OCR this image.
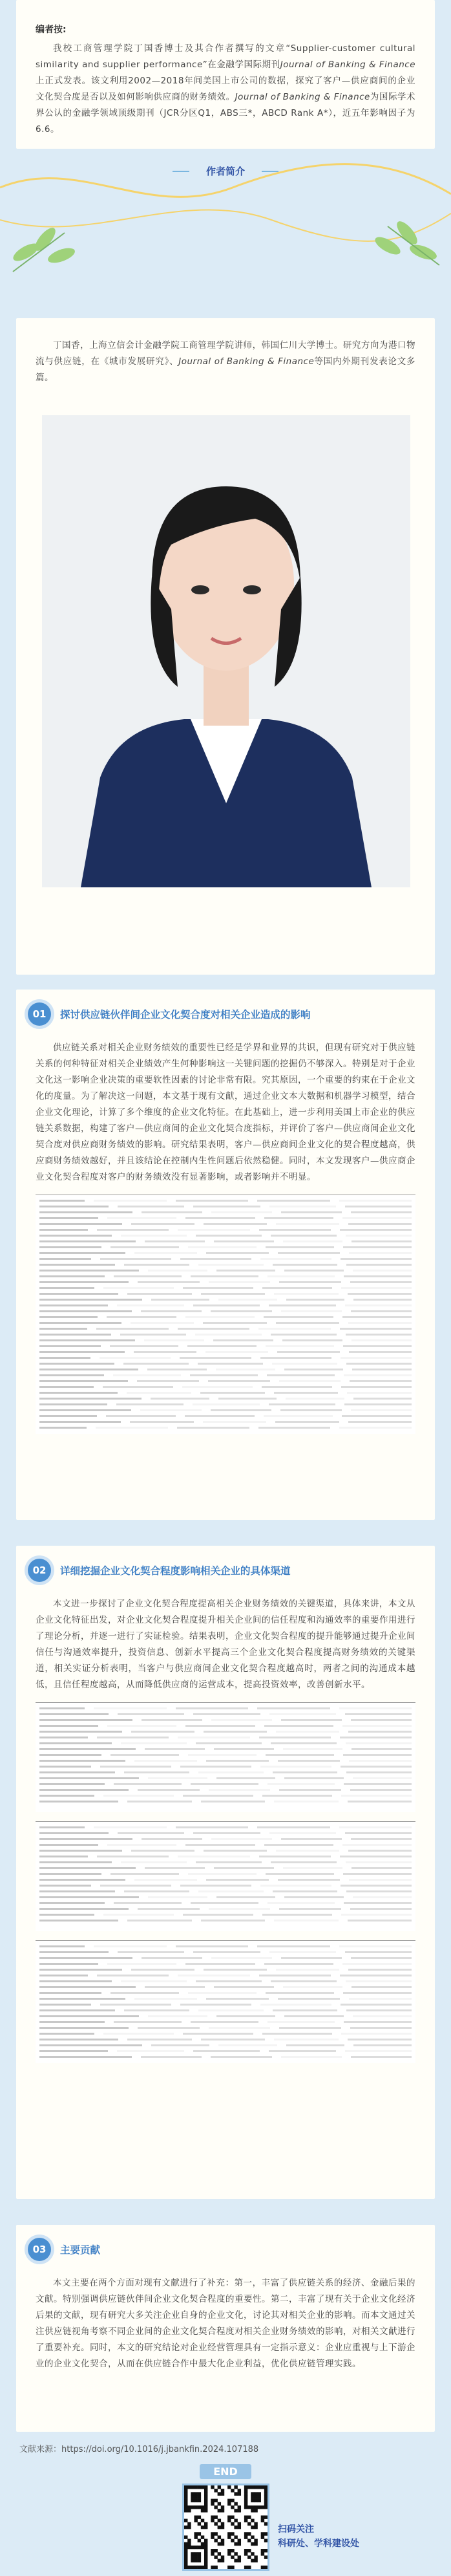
编者按:

我校工商管理学院丁国香博士及其合作者撰写的文章“Supplier-customer cultural similarity and supplier performance”在金融学国际期刊Journal of Banking & Finance上正式发表。该文利用2002—2018年间美国上市公司的数据，探究了客户—供应商间的企业文化契合度是否以及如何影响供应商的财务绩效。Journal of Banking & Finance为国际学术界公认的金融学领域顶级期刊（JCR分区Q1，ABS三*，ABCD Rank A*），近五年影响因子为6.6。

作者简介

丁国香，上海立信会计金融学院工商管理学院讲师，韩国仁川大学博士。研究方向为港口物流与供应链，在《城市发展研究》、Journal of Banking & Finance等国内外期刊发表论文多篇。

01	探讨供应链伙伴间企业文化契合度对相关企业造成的影响

供应链关系对相关企业财务绩效的重要性已经是学界和业界的共识，但现有研究对于供应链关系的何种特征对相关企业绩效产生何种影响这一关键问题的挖掘仍不够深入。特别是对于企业文化这一影响企业决策的重要软性因素的讨论非常有限。究其原因，一个重要的约束在于企业文化的度量。为了解决这一问题，本文基于现有文献，通过企业文本大数据和机器学习模型，结合企业文化理论，计算了多个维度的企业文化特征。在此基础上，进一步利用美国上市企业的供应链关系数据，构建了客户—供应商间的企业文化契合度指标，并评价了客户—供应商间企业文化契合度对供应商财务绩效的影响。研究结果表明，客户—供应商间企业文化的契合程度越高，供应商财务绩效越好，并且该结论在控制内生性问题后依然稳健。同时，本文发现客户—供应商企业文化契合程度对客户的财务绩效没有显著影响，或者影响并不明显。

02	详细挖掘企业文化契合程度影响相关企业的具体渠道

本文进一步探讨了企业文化契合程度提高相关企业财务绩效的关键渠道，具体来讲，本文从企业文化特征出发，对企业文化契合程度提升相关企业间的信任程度和沟通效率的重要作用进行了理论分析，并逐一进行了实证检验。结果表明，企业文化契合程度的提升能够通过提升企业间信任与沟通效率提升，投资信息、创新水平提高三个企业文化契合程度提高财务绩效的关键渠道，相关实证分析表明，当客户与供应商间企业文化契合程度越高时，两者之间的沟通成本越低，且信任程度越高，从而降低供应商的运营成本，提高投资效率，改善创新水平。

03	主要贡献

本文主要在两个方面对现有文献进行了补充：第一，丰富了供应链关系的经济、金融后果的文献。特别强调供应链伙伴间企业文化契合程度的重要性。第二，丰富了现有关于企业文化经济后果的文献，现有研究大多关注企业自身的企业文化，讨论其对相关企业的影响。而本文通过关注供应链视角考察不同企业间的企业文化契合程度对相关企业财务绩效的影响，对相关文献进行了重要补充。同时，本文的研究结论对企业经营管理具有一定指示意义：企业应重视与上下游企业的企业文化契合，从而在供应链合作中最大化企业利益，优化供应链管理实践。

文献来源：https://doi.org/10.1016/j.jbankfin.2024.107188
END
扫码关注
科研处、学科建设处
